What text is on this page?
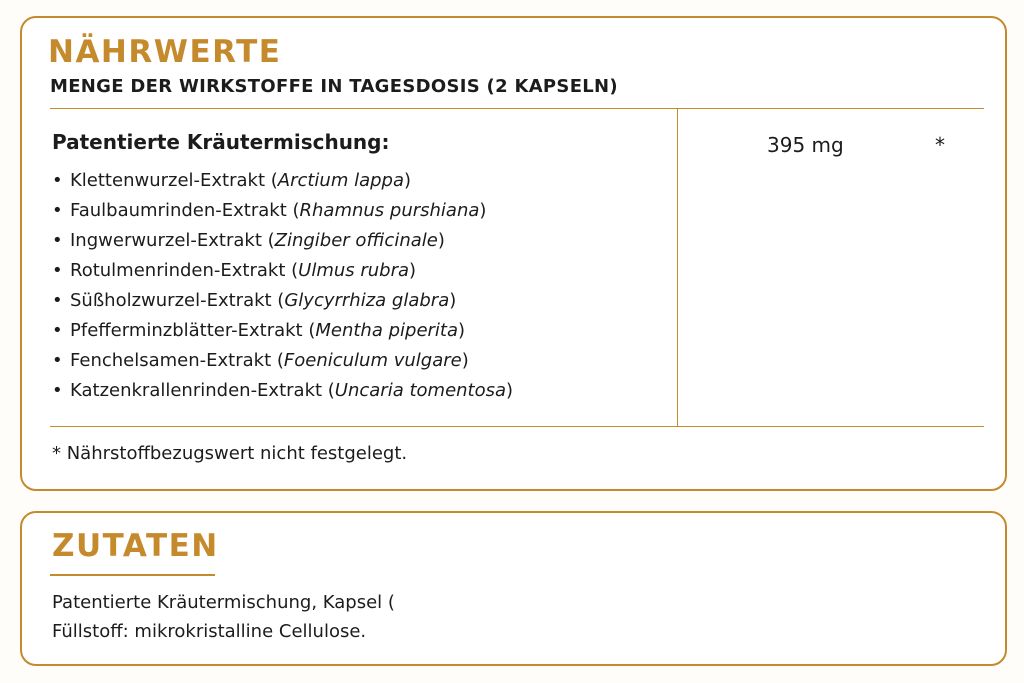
NÄHRWERTE
MENGE DER WIRKSTOFFE IN TAGESDOSIS (2 KAPSELN)
Patentierte Kräutermischung:
• Klettenwurzel-Extrakt (Arctium lappa)
• Faulbaumrinden-Extrakt (Rhamnus purshiana)
• Ingwerwurzel-Extrakt (Zingiber officinale)
• Rotulmenrinden-Extrakt (Ulmus rubra)
• Süßholzwurzel-Extrakt (Glycyrrhiza glabra)
• Pfefferminzblätter-Extrakt (Mentha piperita)
• Fenchelsamen-Extrakt (Foeniculum vulgare)
• Katzenkrallenrinden-Extrakt (Uncaria tomentosa)
395 mg	*

* Nährstoffbezugswert nicht festgelegt.

ZUTATEN

Patentierte Kräutermischung, Kapsel ( Füllstoff: mikrokristalline Cellulose.
